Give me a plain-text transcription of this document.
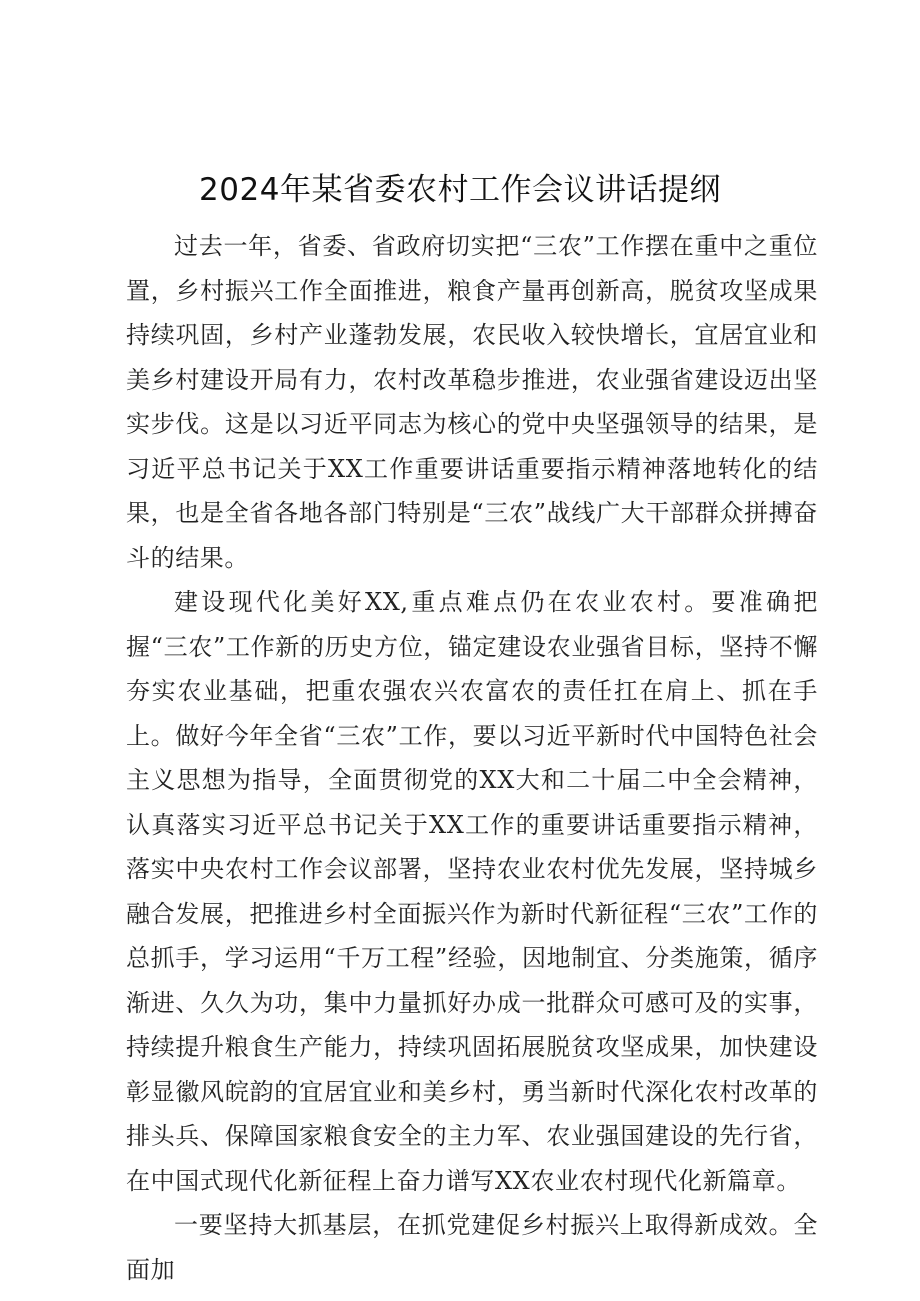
2024年某省委农村工作会议讲话提纲

过去一年，省委、省政府切实把“三农”工作摆在重中之重位置，乡村振兴工作全面推进，粮食产量再创新高，脱贫攻坚成果持续巩固，乡村产业蓬勃发展，农民收入较快增长，宜居宜业和美乡村建设开局有力，农村改革稳步推进，农业强省建设迈出坚实步伐。这是以习近平同志为核心的党中央坚强领导的结果，是习近平总书记关于XX工作重要讲话重要指示精神落地转化的结果，也是全省各地各部门特别是“三农”战线广大干部群众拼搏奋斗的结果。

建设现代化美好XX,重点难点仍在农业农村。要准确把握“三农”工作新的历史方位，锚定建设农业强省目标，坚持不懈夯实农业基础，把重农强农兴农富农的责任扛在肩上、抓在手上。做好今年全省“三农”工作，要以习近平新时代中国特色社会主义思想为指导，全面贯彻党的XX大和二十届二中全会精神，认真落实习近平总书记关于XX工作的重要讲话重要指示精神，落实中央农村工作会议部署，坚持农业农村优先发展，坚持城乡融合发展，把推进乡村全面振兴作为新时代新征程“三农”工作的总抓手，学习运用“千万工程”经验，因地制宜、分类施策，循序渐进、久久为功，集中力量抓好办成一批群众可感可及的实事，持续提升粮食生产能力，持续巩固拓展脱贫攻坚成果，加快建设彰显徽风皖韵的宜居宜业和美乡村，勇当新时代深化农村改革的排头兵、保障国家粮食安全的主力军、农业强国建设的先行省，在中国式现代化新征程上奋力谱写XX农业农村现代化新篇章。

一要坚持大抓基层，在抓党建促乡村振兴上取得新成效。全面加
